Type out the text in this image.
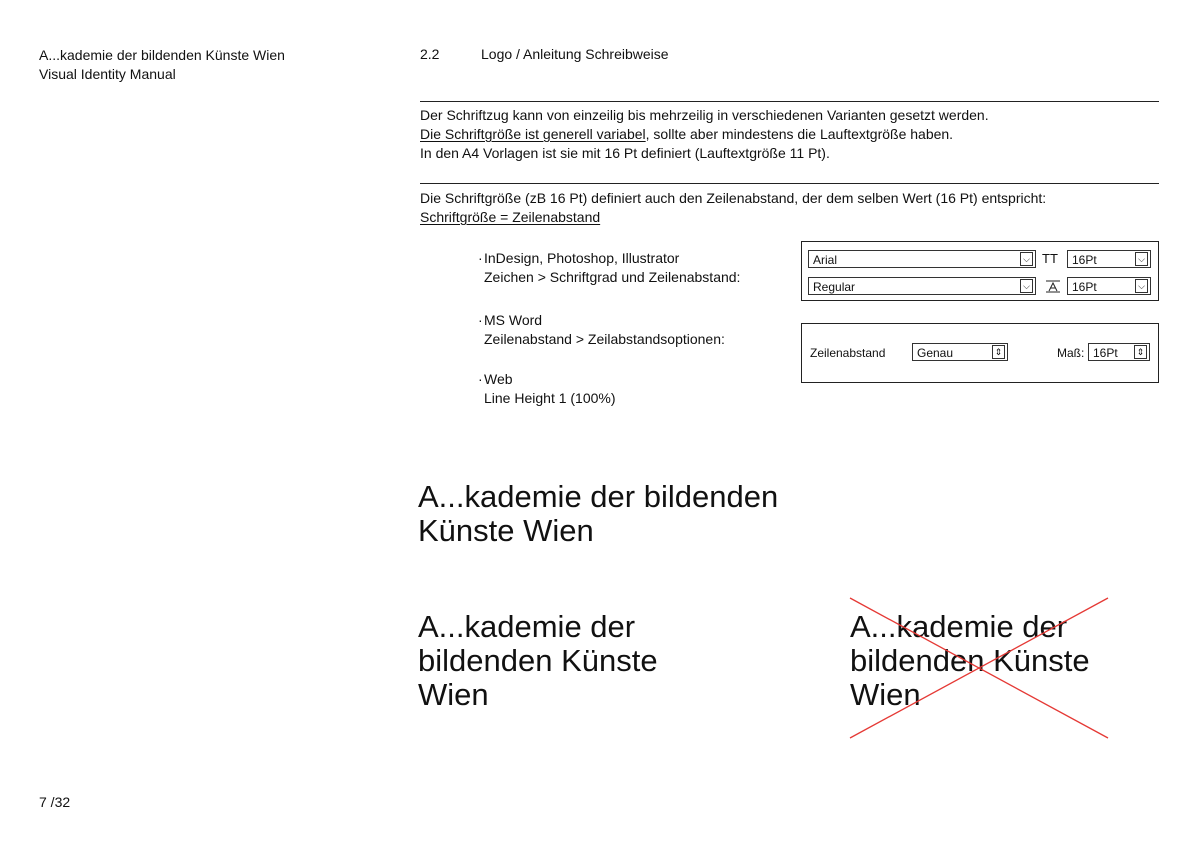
A...kademie der bildenden Künste Wien
Visual Identity Manual
2.2	Logo / Anleitung Schreibweise
Der Schriftzug kann von einzeilig bis mehrzeilig in verschiedenen Varianten gesetzt werden.
Die Schriftgröße ist generell variabel, sollte aber mindestens die Lauftextgröße haben.
In den A4 Vorlagen ist sie mit 16 Pt definiert (Lauftextgröße 11 Pt).
Die Schriftgröße (zB 16 Pt) definiert auch den Zeilenabstand, der dem selben Wert (16 Pt) entspricht:
Schriftgröße = Zeilenabstand
·InDesign, Photoshop, Illustrator
Zeichen > Schriftgrad und Zeilenabstand:
·MS Word
Zeilenabstand > Zeilabstandsoptionen:
·Web
Line Height 1 (100%)
Arial	⌵ TT	16Pt	⌵
Regular	⌵	16Pt	⌵
Zeilenabstand	Genau	⇕	Maß: 16Pt	⇕
A...kademie der bildenden
Künste Wien
A...kademie der
bildenden Künste
Wien
A...kademie der
bildenden Künste
Wien
7 /32
